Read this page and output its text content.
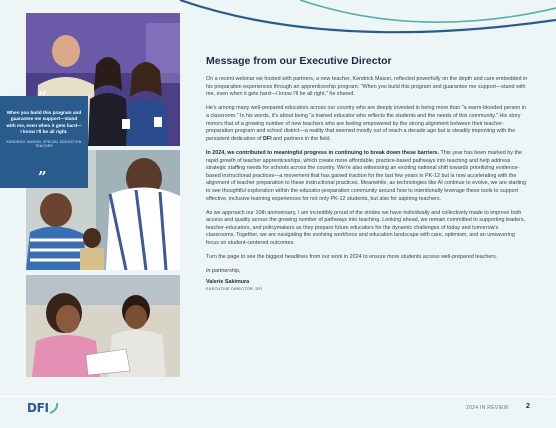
“

When you build this program and guarantee me support—stand with me, even when it gets hard—I know I'll be all right.

KENDRICK MASON, SPECIAL EDUCATION TEACHER
”
Message from our Executive Director

On a recent webinar we hosted with partners, a new teacher, Kendrick Mason, reflected powerfully on the depth and care embedded in his preparation experiences through an apprenticeship program: "When you build this program and guarantee me support—stand with me, even when it gets hard—I know I'll be all right," he shared.

He's among many well-prepared educators across our country who are deeply invested in being more than "a warm-blooded person in a classroom." In his words, it's about being "a trained educator who reflects the students and the needs of this community." His story mirrors that of a growing number of new teachers who are feeling empowered by the strong alignment between their teacher-preparation program and school district—a reality that seemed mostly out of reach a decade ago but is steadily improving with the persistent dedication of DFI and partners in the field.

In 2024, we contributed to meaningful progress in continuing to break down these barriers. This year has been marked by the rapid growth of teacher apprenticeships, which create more affordable, practice-based pathways into teaching and help address strategic staffing needs for schools across the country. We're also witnessing an exciting national shift towards prioritizing evidence-based instructional practices—a movement that has gained traction for the last few years in PK-12 but is now accelerating with the alignment of teacher preparation to these instructional practices. Meanwhile, as technologies like AI continue to evolve, we are starting to see thoughtful exploration within the educator-preparation community around how to intentionally leverage these tools to support effective, inclusive learning experiences for not only PK-12 students, but also for aspiring teachers.

As we approach our 10th anniversary, I am incredibly proud of the strides we have individually and collectively made to improve both access and quality across the growing number of pathways into teaching. Looking ahead, we remain committed to supporting leaders, teacher-educators, and policymakers as they prepare future educators for the dynamic challenges of today and tomorrow's classrooms. Together, we are navigating the evolving workforce and education landscape with care, optimism, and an unwavering focus on student-centered outcomes.

Turn the page to see the biggest headlines from our work in 2024 to ensure more students access well-prepared teachers.

In partnership,

Valerie Sakimura

EXECUTIVE DIRECTOR, DFI

DFI	2024 IN REVIEW 2
